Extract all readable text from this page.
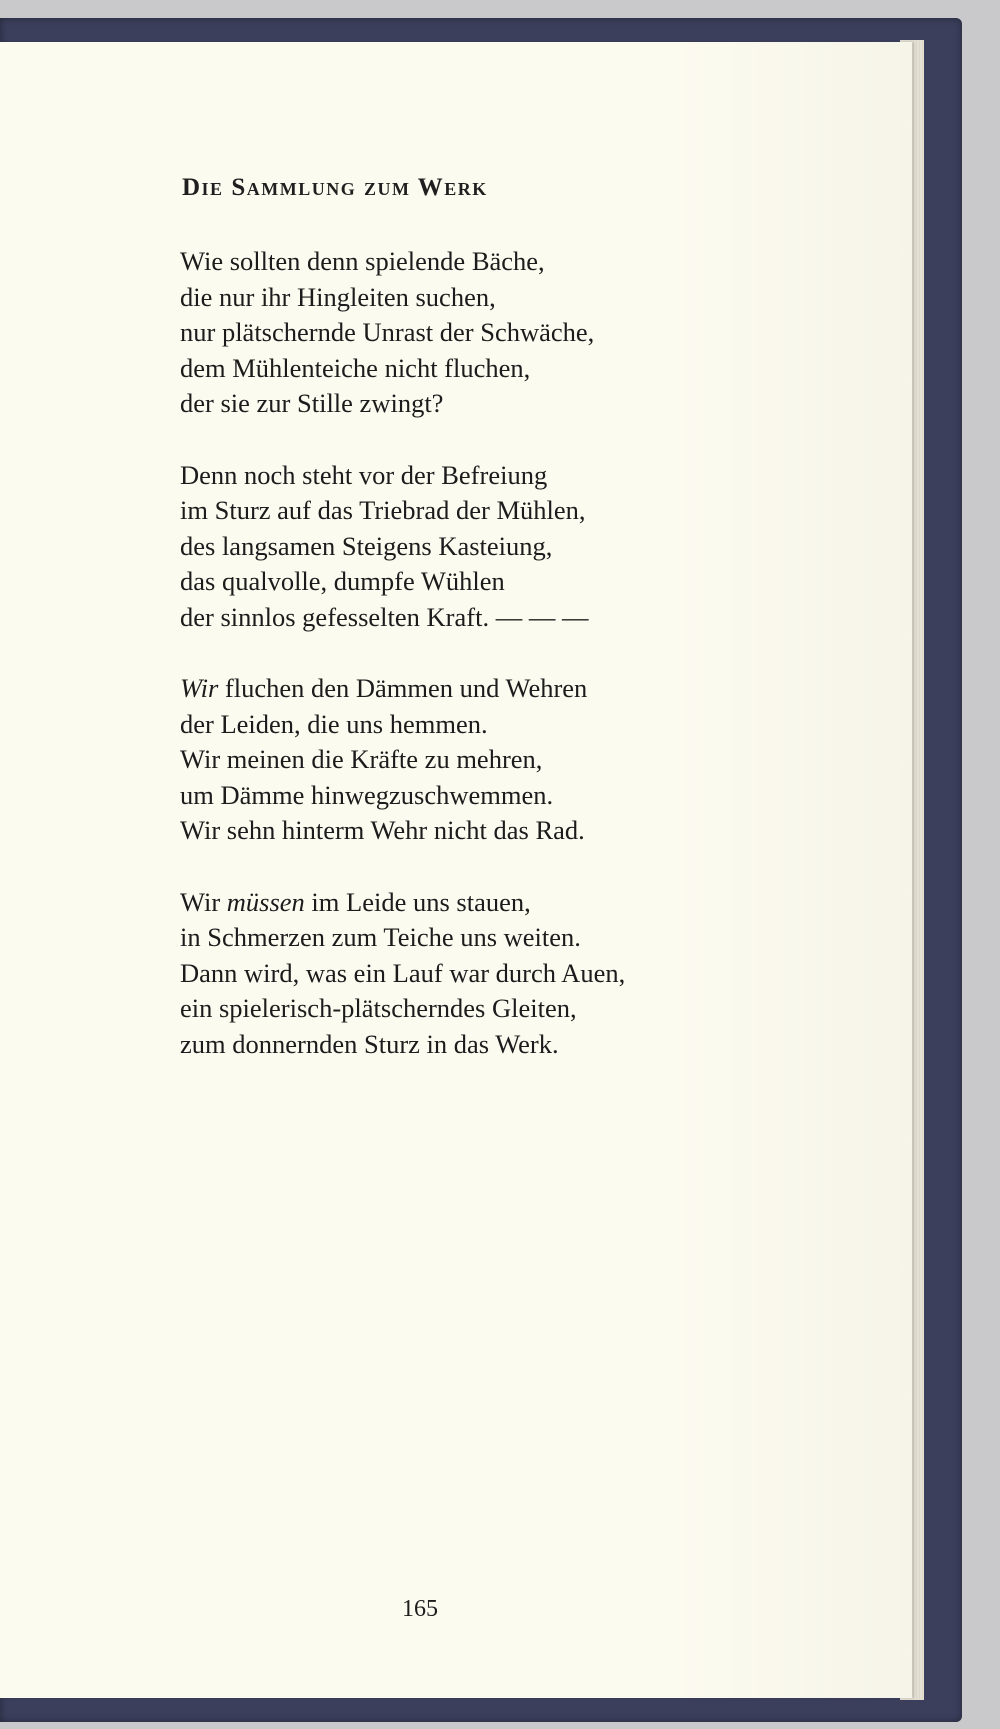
Die Sammlung zum Werk
Wie sollten denn spielende Bäche,
die nur ihr Hingleiten suchen,
nur plätschernde Unrast der Schwäche,
dem Mühlenteiche nicht fluchen,
der sie zur Stille zwingt?
Denn noch steht vor der Befreiung
im Sturz auf das Triebrad der Mühlen,
des langsamen Steigens Kasteiung,
das qualvolle, dumpfe Wühlen
der sinnlos gefesselten Kraft. — — —
Wir fluchen den Dämmen und Wehren
der Leiden, die uns hemmen.
Wir meinen die Kräfte zu mehren,
um Dämme hinwegzuschwemmen.
Wir sehn hinterm Wehr nicht das Rad.
Wir müssen im Leide uns stauen,
in Schmerzen zum Teiche uns weiten.
Dann wird, was ein Lauf war durch Auen,
ein spielerisch-plätscherndes Gleiten,
zum donnernden Sturz in das Werk.
165
